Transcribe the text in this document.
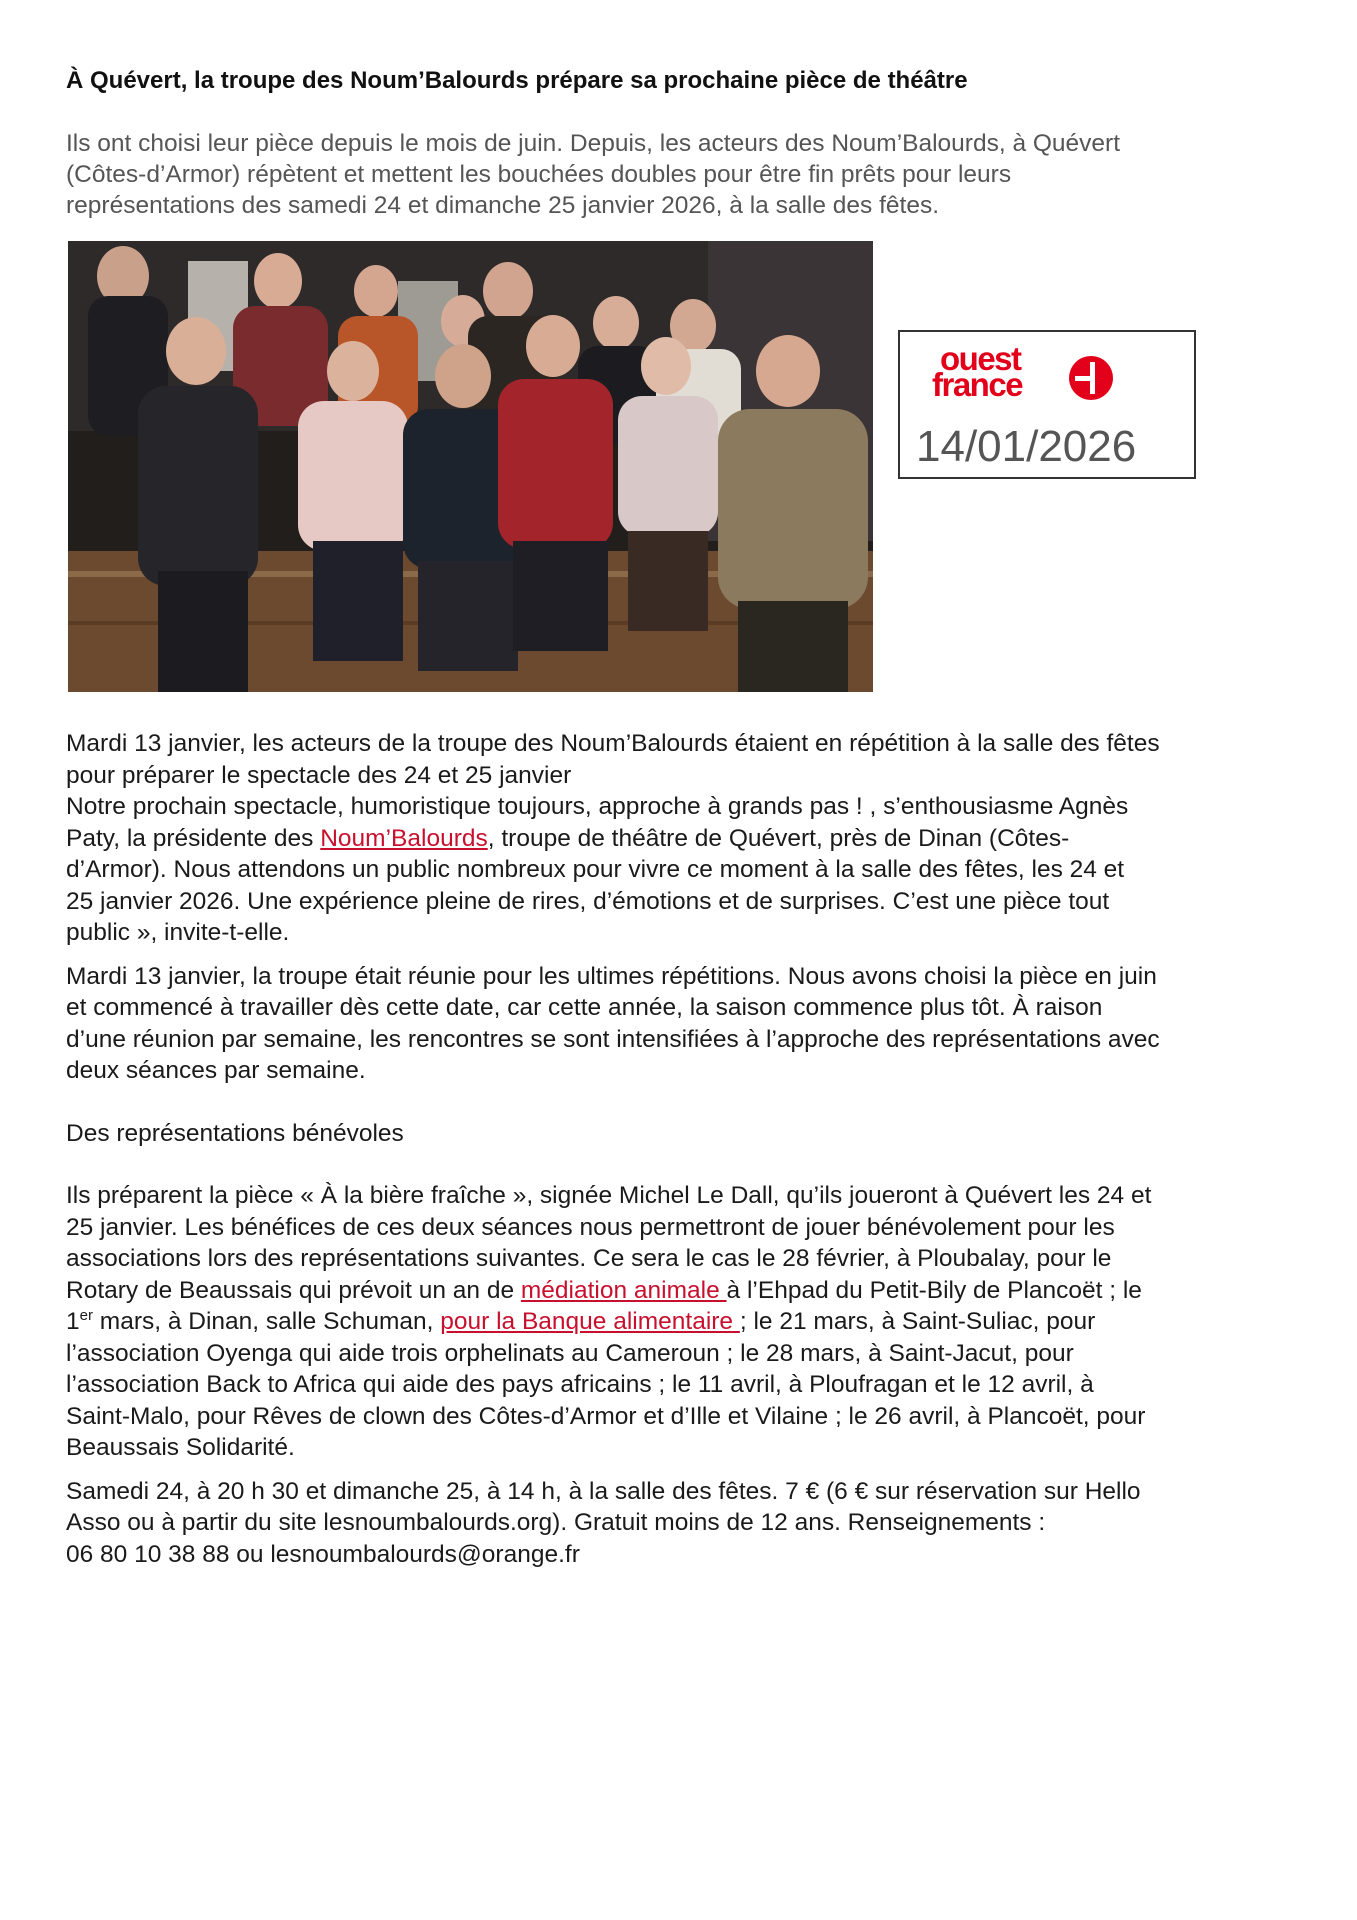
À Quévert, la troupe des Noum’Balourds prépare sa prochaine pièce de théâtre

Ils ont choisi leur pièce depuis le mois de juin. Depuis, les acteurs des Noum’Balourds, à Quévert

(Côtes-d’Armor) répètent et mettent les bouchées doubles pour être fin prêts pour leurs

représentations des samedi 24 et dimanche 25 janvier 2026, à la salle des fêtes.

Mardi 13 janvier, les acteurs de la troupe des Noum’Balourds étaient en répétition à la salle des fêtes

pour préparer le spectacle des 24 et 25 janvier

Notre prochain spectacle, humoristique toujours, approche à grands pas ! , s’enthousiasme Agnès

Paty, la présidente des Noum’Balourds, troupe de théâtre de Quévert, près de Dinan (Côtes-

d’Armor). Nous attendons un public nombreux pour vivre ce moment à la salle des fêtes, les 24 et

25 janvier 2026. Une expérience pleine de rires, d’émotions et de surprises. C’est une pièce tout

public », invite-t-elle.

Mardi 13 janvier, la troupe était réunie pour les ultimes répétitions. Nous avons choisi la pièce en juin

et commencé à travailler dès cette date, car cette année, la saison commence plus tôt. À raison

d’une réunion par semaine, les rencontres se sont intensifiées à l’approche des représentations avec

deux séances par semaine.

Des représentations bénévoles

Ils préparent la pièce « À la bière fraîche », signée Michel Le Dall, qu’ils joueront à Quévert les 24 et

25 janvier. Les bénéfices de ces deux séances nous permettront de jouer bénévolement pour les

associations lors des représentations suivantes. Ce sera le cas le 28 février, à Ploubalay, pour le

Rotary de Beaussais qui prévoit un an de médiation animale à l’Ehpad du Petit-Bily de Plancoët ; le

1er mars, à Dinan, salle Schuman, pour la Banque alimentaire ; le 21 mars, à Saint-Suliac, pour

l’association Oyenga qui aide trois orphelinats au Cameroun ; le 28 mars, à Saint-Jacut, pour

l’association Back to Africa qui aide des pays africains ; le 11 avril, à Ploufragan et le 12 avril, à

Saint-Malo, pour Rêves de clown des Côtes-d’Armor et d’Ille et Vilaine ; le 26 avril, à Plancoët, pour

Beaussais Solidarité.

Samedi 24, à 20 h 30 et dimanche 25, à 14 h, à la salle des fêtes. 7 € (6 € sur réservation sur Hello

Asso ou à partir du site lesnoumbalourds.org). Gratuit moins de 12 ans. Renseignements :

06 80 10 38 88 ou lesnoumbalourds@orange.fr

ouest
france
14/01/2026
